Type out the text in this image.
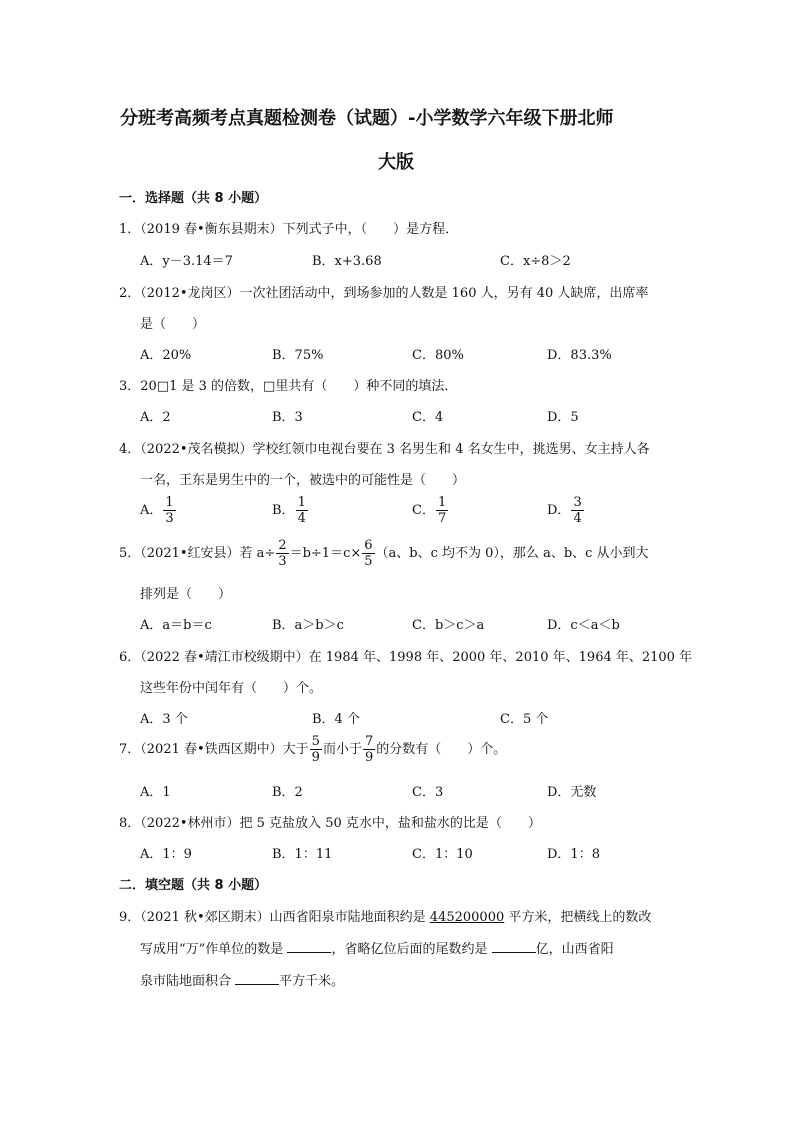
分班考高频考点真题检测卷（试题）-小学数学六年级下册北师
大版
一．选择题（共 8 小题）
1．（2019 春•衡东县期末）下列式子中，（　　）是方程．
A．y－3.14＝7	B．x+3.68	C．x÷8＞2
2．（2012•龙岗区）一次社团活动中，到场参加的人数是 160 人，另有 40 人缺席，出席率
是（　　）
A．20%	B．75%	C．80%	D．83.3%
3．20□1 是 3 的倍数，□里共有（　　）种不同的填法．
A．2	B．3	C．4	D．5
4．（2022•茂名模拟）学校红领巾电视台要在 3 名男生和 4 名女生中，挑选男、女主持人各
一名，王东是男生中的一个，被选中的可能性是（　　）
A． $\frac{1}{3}$	B． $\frac{1}{4}$	C． $\frac{1}{7}$	D． $\frac{3}{4}$
5．（2021•红安县）若 $a\div \frac{2}{3} =b\div 1=c\times \frac{6}{5} (a$、b、c 均不为 0），那么 a、b、c 从小到大
排列是（　　）
A．a＝b＝c	B．a＞b＞c	C．b＞c＞a	D．c＜a＜b
6．（2022 春•靖江市校级期中）在 1984 年、1998 年、2000 年、2010 年、1964 年、2100 年
这些年份中闰年有（　　）个。
A．3 个	B．4 个	C．5 个
7．（2021 春•铁西区期中）大于 $\frac{5}{9}$ 而小于 $\frac{7}{9}$ 的分数有（　　）个。
A．1	B．2	C．3	D．无数
8．（2022•林州市）把 5 克盐放入 50 克水中，盐和盐水的比是（　　）
A．1：9	B．1：11	C．1：10	D．1：8
二．填空题（共 8 小题）
9．（2021 秋•郊区期末）山西省阳泉市陆地面积约是 445200000 平方米，把横线上的数改
写成用“万”作单位的数是	，省略亿位后面的尾数约是	亿，山西省阳
泉市陆地面积合	平方千米。
